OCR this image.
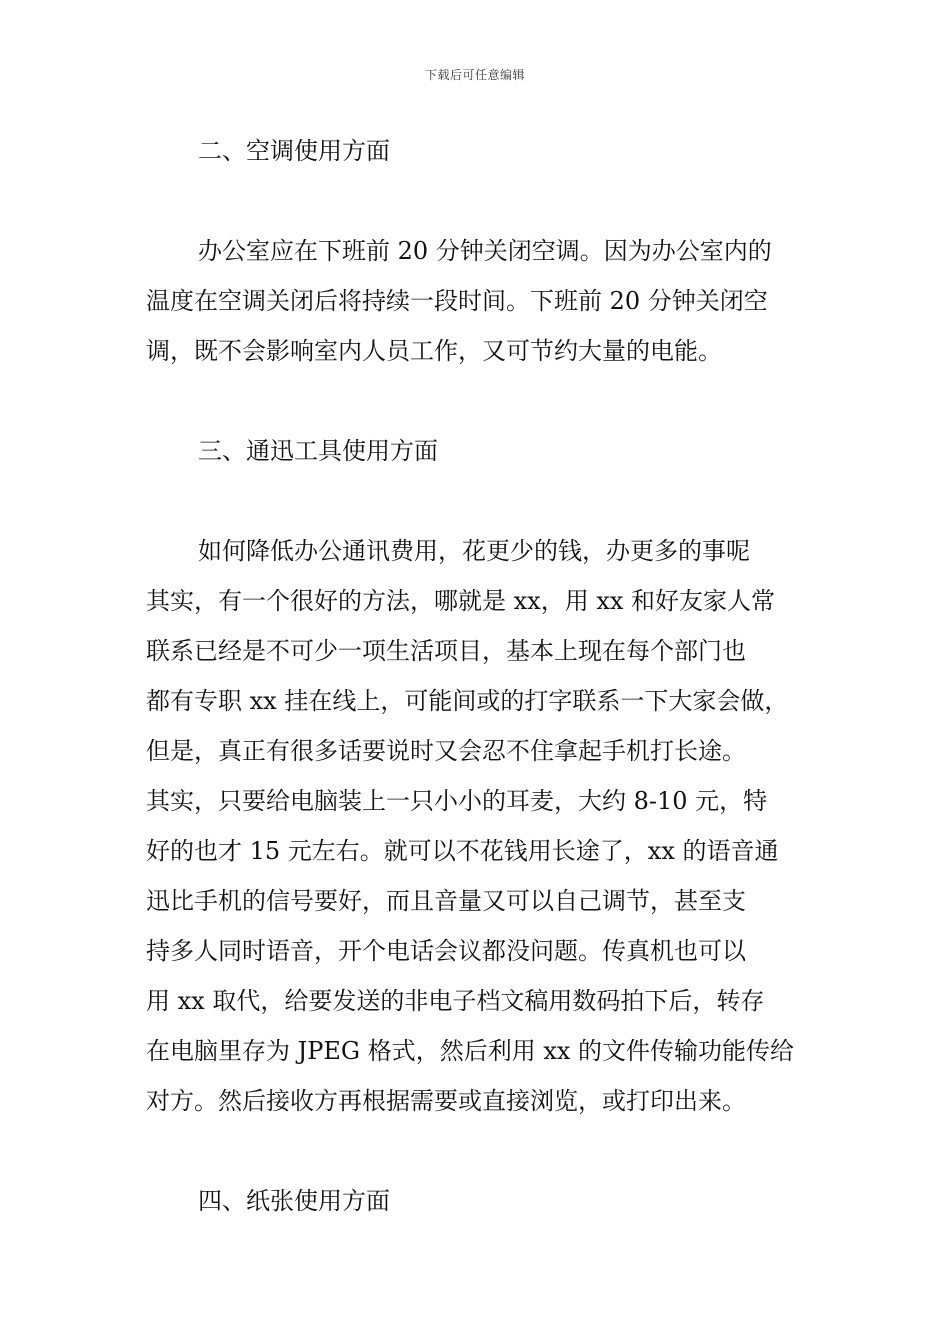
下载后可任意编辑
二、空调使用方面

办公室应在下班前 20 分钟关闭空调。因为办公室内的
温度在空调关闭后将持续一段时间。下班前 20 分钟关闭空
调，既不会影响室内人员工作，又可节约大量的电能。

三、通迅工具使用方面

如何降低办公通讯费用，花更少的钱，办更多的事呢
其实，有一个很好的方法，哪就是 xx，用 xx 和好友家人常
联系已经是不可少一项生活项目，基本上现在每个部门也
都有专职 xx 挂在线上，可能间或的打字联系一下大家会做，
但是，真正有很多话要说时又会忍不住拿起手机打长途。
其实，只要给电脑装上一只小小的耳麦，大约 8-10 元，特
好的也才 15 元左右。就可以不花钱用长途了，xx 的语音通
迅比手机的信号要好，而且音量又可以自己调节，甚至支
持多人同时语音，开个电话会议都没问题。传真机也可以
用 xx 取代，给要发送的非电子档文稿用数码拍下后，转存
在电脑里存为 JPEG 格式，然后利用 xx 的文件传输功能传给
对方。然后接收方再根据需要或直接浏览，或打印出来。

四、纸张使用方面
